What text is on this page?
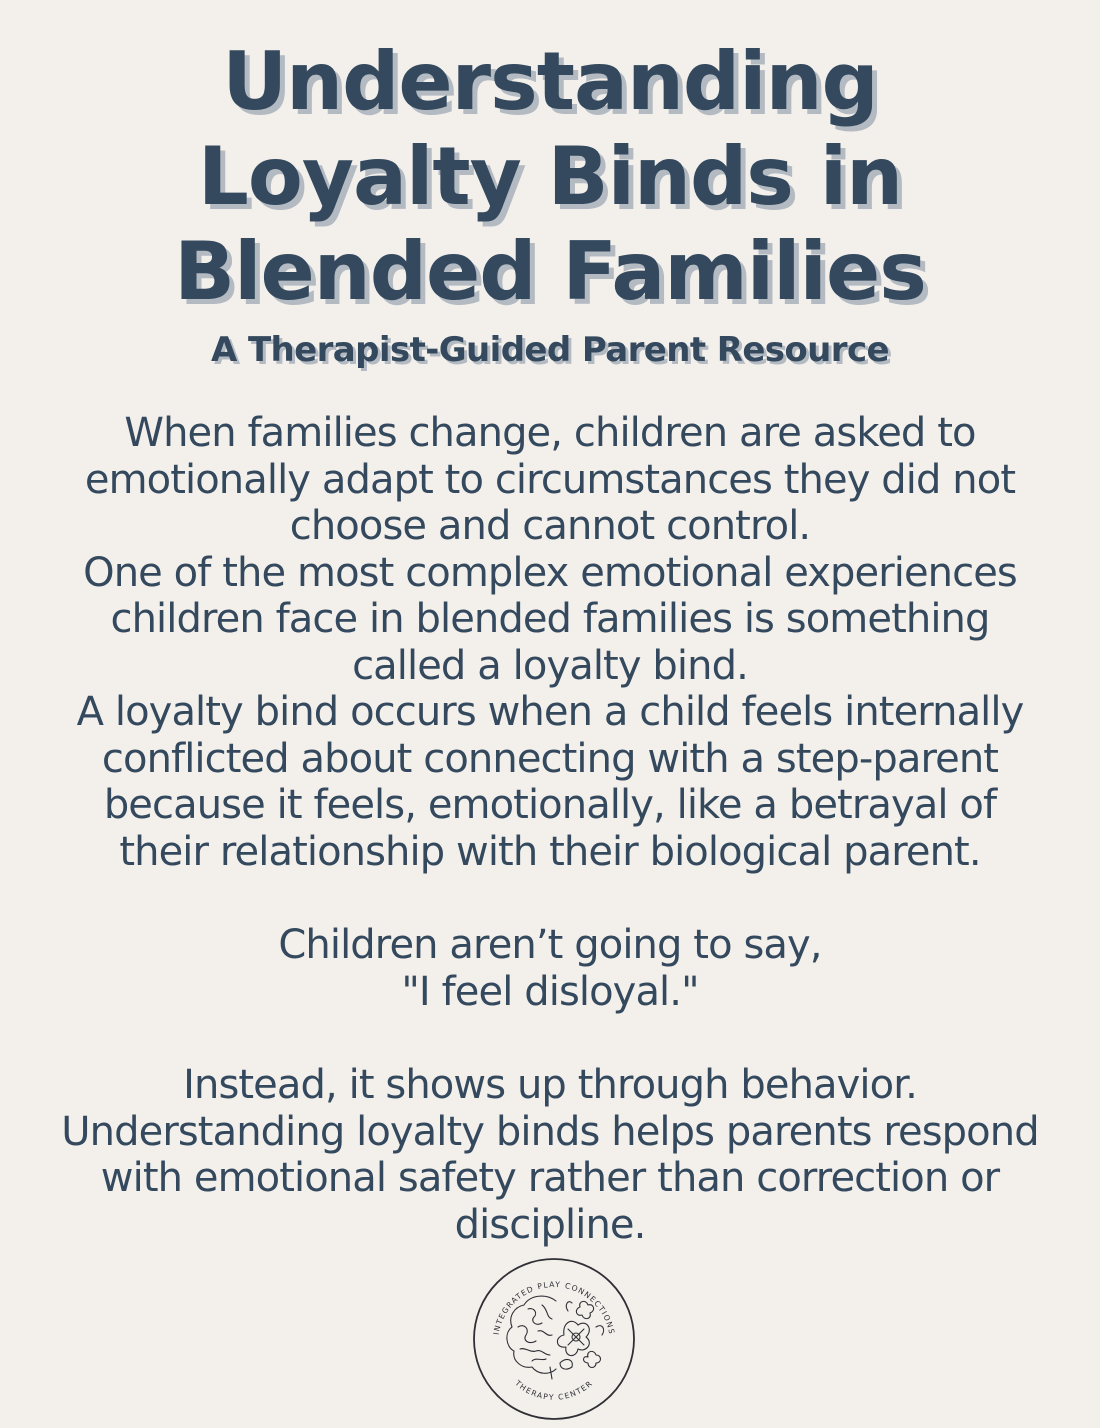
Understanding
Loyalty Binds in
Blended Families
A Therapist-Guided Parent Resource
When families change, children are asked to
emotionally adapt to circumstances they did not
choose and cannot control.
One of the most complex emotional experiences
children face in blended families is something
called a loyalty bind.
A loyalty bind occurs when a child feels internally
conflicted about connecting with a step-parent
because it feels, emotionally, like a betrayal of
their relationship with their biological parent.
Children aren’t going to say,
"I feel disloyal."
Instead, it shows up through behavior.
Understanding loyalty binds helps parents respond
with emotional safety rather than correction or
discipline.
INTEGRATED PLAY CONNECTIONS
THERAPY CENTER
